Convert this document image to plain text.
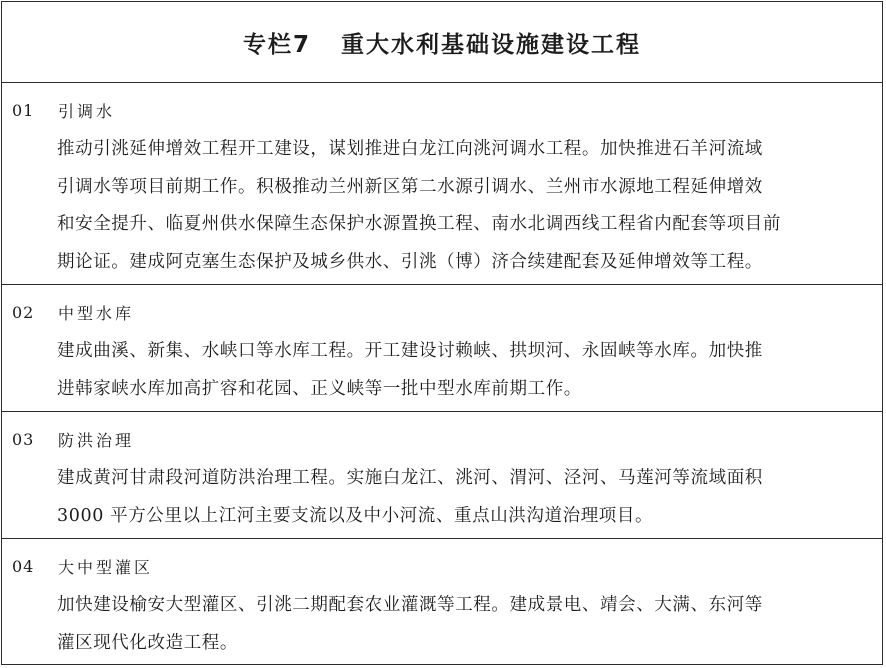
专栏7 重大水利基础设施建设工程
01	引调水
推动引洮延伸增效工程开工建设，谋划推进白龙江向洮河调水工程。加快推进石羊河流域
引调水等项目前期工作。积极推动兰州新区第二水源引调水、兰州市水源地工程延伸增效
和安全提升、临夏州供水保障生态保护水源置换工程、南水北调西线工程省内配套等项目前
期论证。建成阿克塞生态保护及城乡供水、引洮（博）济合续建配套及延伸增效等工程。
02	中型水库
建成曲溪、新集、水峡口等水库工程。开工建设讨赖峡、拱坝河、永固峡等水库。加快推
进韩家峡水库加高扩容和花园、正义峡等一批中型水库前期工作。
03	防洪治理
建成黄河甘肃段河道防洪治理工程。实施白龙江、洮河、渭河、泾河、马莲河等流域面积
3000 平方公里以上江河主要支流以及中小河流、重点山洪沟道治理项目。
04	大中型灌区
加快建设榆安大型灌区、引洮二期配套农业灌溉等工程。建成景电、靖会、大满、东河等
灌区现代化改造工程。
